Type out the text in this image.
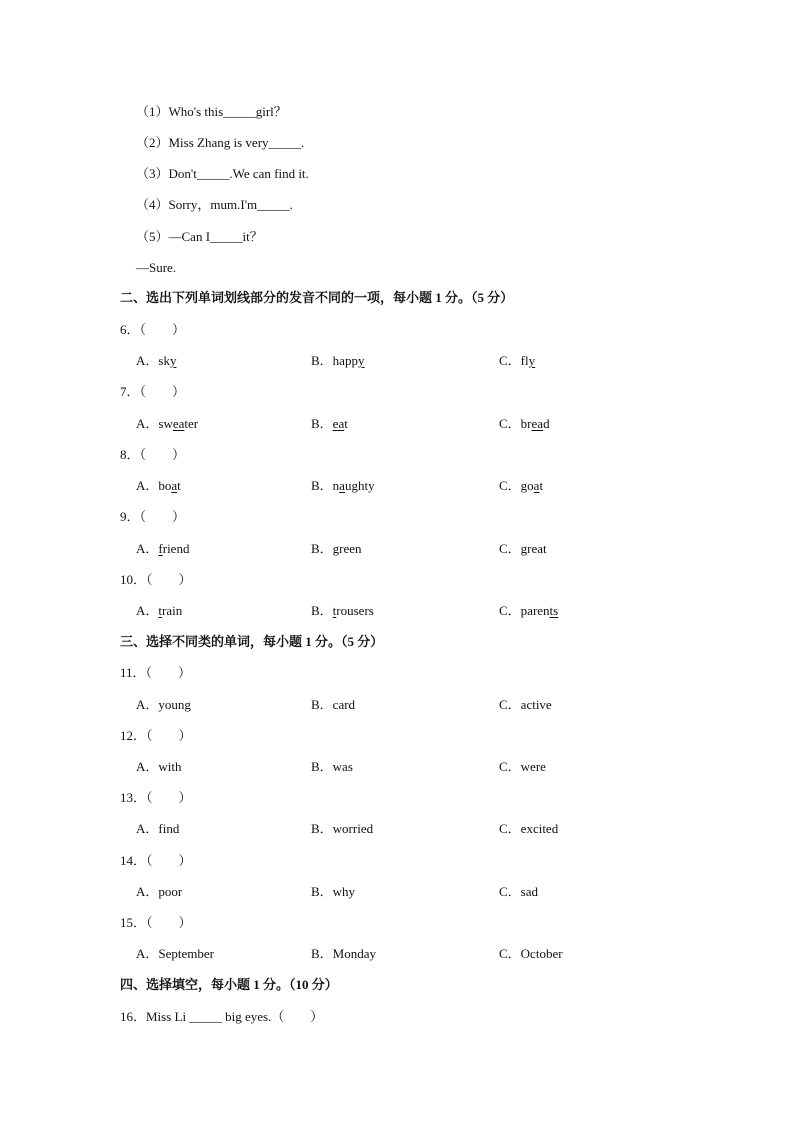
（1）Who's this_____girl？
（2）Miss Zhang is very_____.
（3）Don't_____.We can find it.
（4）Sorry，mum.I'm_____.
（5）—Can I_____it？
—Sure.
二、选出下列单词划线部分的发音不同的一项，每小题 1 分。（5 分）
6．（　　）
A．sky	B．happy	C．fly
7．（　　）
A．sweater	B．eat	C．bread
8．（　　）
A．boat	B．naughty	C．goat
9．（　　）
A．friend	B．green	C．great
10．（　　）
A．train	B．trousers	C．parents
三、选择不同类的单词，每小题 1 分。（5 分）
11．（　　）
A．young	B．card	C．active
12．（　　）
A．with	B．was	C．were
13．（　　）
A．find	B．worried	C．excited
14．（　　）
A．poor	B．why	C．sad
15．（　　）
A．September	B．Monday	C．October
四、选择填空，每小题 1 分。（10 分）
16．Miss Li _____ big eyes.（　　）
